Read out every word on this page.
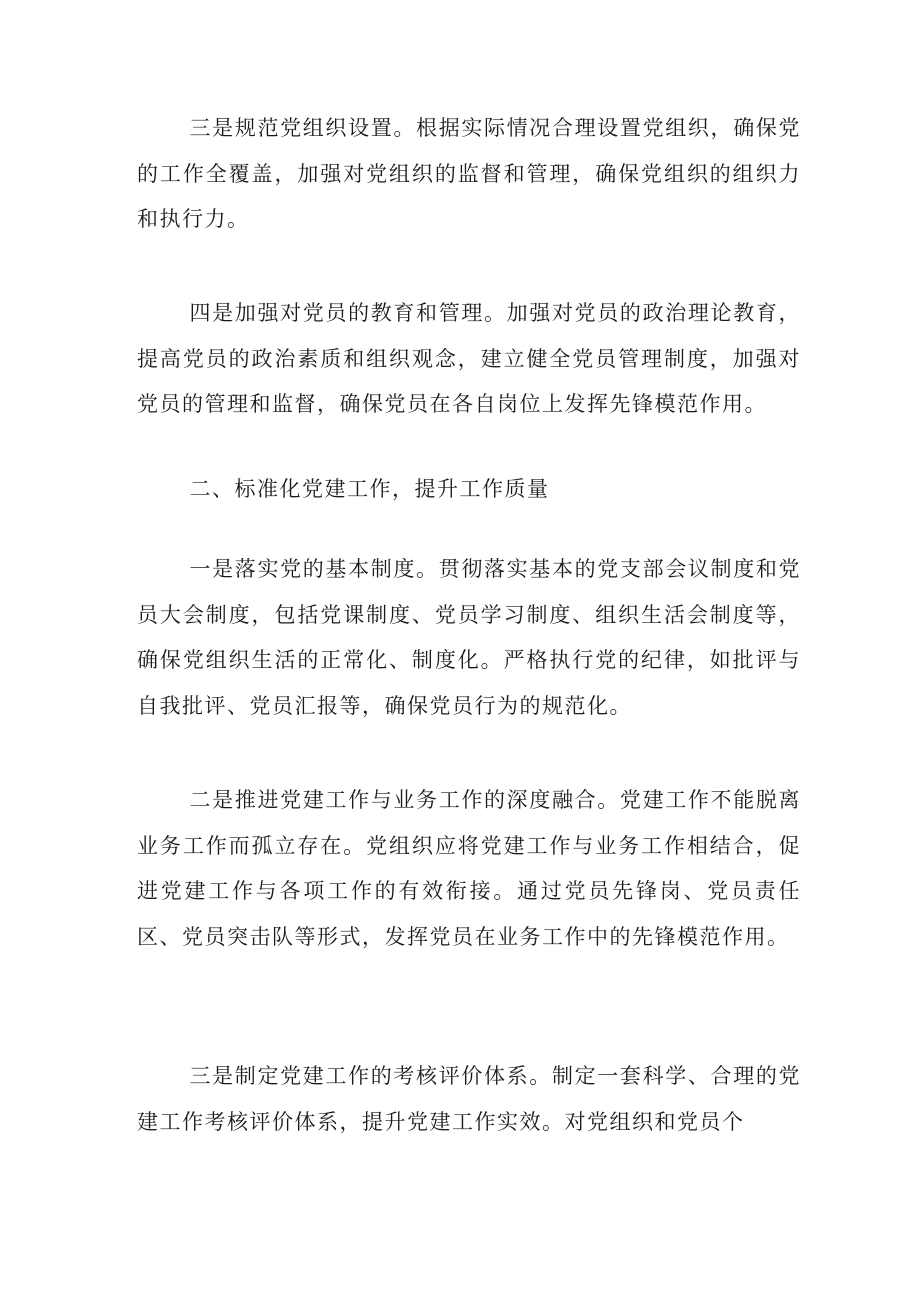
三是规范党组织设置。根据实际情况合理设置党组织，确保党的工作全覆盖，加强对党组织的监督和管理，确保党组织的组织力和执行力。

四是加强对党员的教育和管理。加强对党员的政治理论教育，提高党员的政治素质和组织观念，建立健全党员管理制度，加强对党员的管理和监督，确保党员在各自岗位上发挥先锋模范作用。

二、标准化党建工作，提升工作质量

一是落实党的基本制度。贯彻落实基本的党支部会议制度和党员大会制度，包括党课制度、党员学习制度、组织生活会制度等，确保党组织生活的正常化、制度化。严格执行党的纪律，如批评与自我批评、党员汇报等，确保党员行为的规范化。

二是推进党建工作与业务工作的深度融合。党建工作不能脱离业务工作而孤立存在。党组织应将党建工作与业务工作相结合，促进党建工作与各项工作的有效衔接。通过党员先锋岗、党员责任区、党员突击队等形式，发挥党员在业务工作中的先锋模范作用。

三是制定党建工作的考核评价体系。制定一套科学、合理的党建工作考核评价体系，提升党建工作实效。对党组织和党员个
